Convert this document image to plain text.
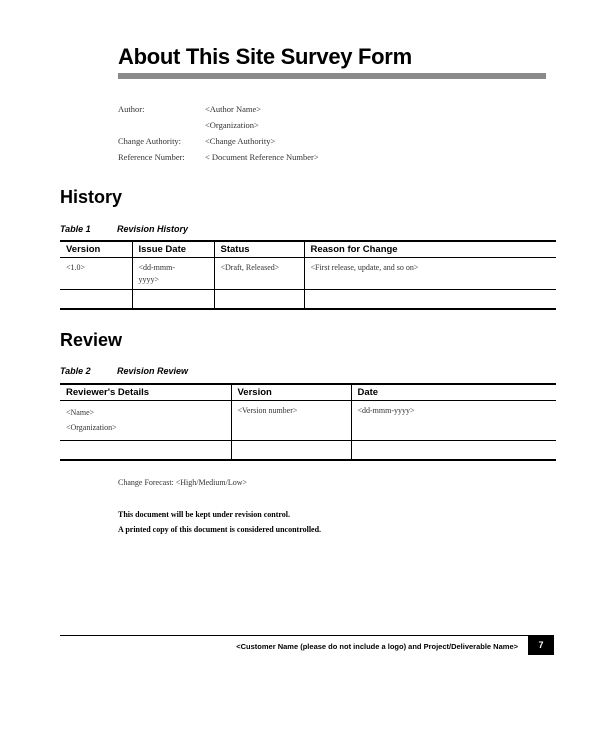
About This Site Survey Form
Author:	<Author Name>
<Organization>
Change Authority:	<Change Authority>
Reference Number: < Document Reference Number>
History
Table 1	Revision History
Version	Issue Date	Status	Reason for Change
<1.0>	<dd-mmm-yyyy>	<Draft, Released>	<First release, update, and so on>

Review
Table 2	Revision Review
Reviewer's Details	Version	Date

<Name>
<Organization>	<Version number>	<dd-mmm-yyyy>

Change Forecast: <High/Medium/Low>
This document will be kept under revision control.
A printed copy of this document is considered uncontrolled.
<Customer Name (please do not include a logo) and Project/Deliverable Name>	7
